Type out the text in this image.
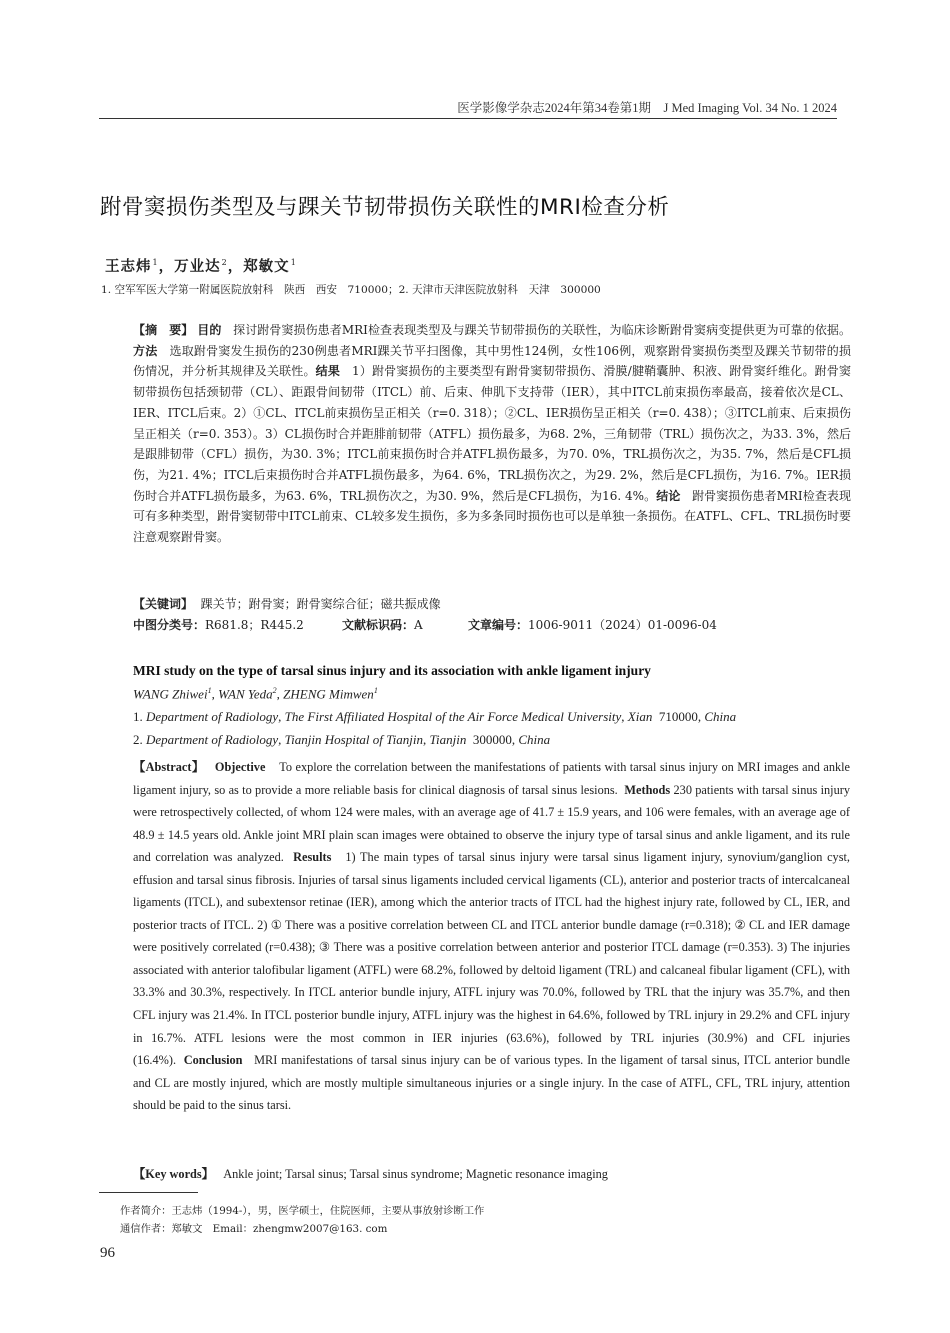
医学影像学杂志2024年第34卷第1期　J Med Imaging Vol. 34 No. 1 2024
跗骨窦损伤类型及与踝关节韧带损伤关联性的MRI检查分析
王志炜$^1$，万业达$^2$，郑敏文$^1$
1. 空军军医大学第一附属医院放射科　陕西　西安　710000；2. 天津市天津医院放射科　天津　300000
【摘　要】 目的 探讨跗骨窦损伤患者MRI检查表现类型及与踝关节韧带损伤的关联性，为临床诊断跗骨窦病变提供更为可靠的依据。方法 选取跗骨窦发生损伤的230例患者MRI踝关节平扫图像，其中男性124例，女性106例，观察跗骨窦损伤类型及踝关节韧带的损伤情况，并分析其规律及关联性。结果 1）跗骨窦损伤的主要类型有跗骨窦韧带损伤、滑膜/腱鞘囊肿、积液、跗骨窦纤维化。跗骨窦韧带损伤包括颈韧带（CL）、距跟骨间韧带（ITCL）前、后束、伸肌下支持带（IER），其中ITCL前束损伤率最高，接着依次是CL、IER、ITCL后束。2）①CL、ITCL前束损伤呈正相关（r=0. 318）；②CL、IER损伤呈正相关（r=0. 438）；③ITCL前束、后束损伤呈正相关（r=0. 353）。3）CL损伤时合并距腓前韧带（ATFL）损伤最多，为68. 2%，三角韧带（TRL）损伤次之，为33. 3%，然后是跟腓韧带（CFL）损伤，为30. 3%；ITCL前束损伤时合并ATFL损伤最多，为70. 0%，TRL损伤次之，为35. 7%，然后是CFL损伤，为21. 4%；ITCL后束损伤时合并ATFL损伤最多，为64. 6%，TRL损伤次之，为29. 2%，然后是CFL损伤，为16. 7%。IER损伤时合并ATFL损伤最多，为63. 6%，TRL损伤次之，为30. 9%，然后是CFL损伤，为16. 4%。结论 跗骨窦损伤患者MRI检查表现可有多种类型，跗骨窦韧带中ITCL前束、CL较多发生损伤，多为多条同时损伤也可以是单独一条损伤。在ATFL、CFL、TRL损伤时要注意观察跗骨窦。
【关键词】 踝关节；跗骨窦；跗骨窦综合征；磁共振成像
中图分类号：R681.8；R445.2	文献标识码：A	文章编号：1006-9011（2024）01-0096-04
MRI study on the type of tarsal sinus injury and its association with ankle ligament injury
WANG Zhiwei$^1$, WAN Yeda$^2$, ZHENG Mimwen$^1$
1. Department of Radiology, The First Affiliated Hospital of the Air Force Medical University, Xian 710000, China
2. Department of Radiology, Tianjin Hospital of Tianjin, Tianjin 300000, China
【Abstract】 Objective To explore the correlation between the manifestations of patients with tarsal sinus injury on MRI images and ankle ligament injury, so as to provide a more reliable basis for clinical diagnosis of tarsal sinus lesions. Methods 230 patients with tarsal sinus injury were retrospectively collected, of whom 124 were males, with an average age of 41.7 ± 15.9 years, and 106 were females, with an average age of 48.9 ± 14.5 years old. Ankle joint MRI plain scan images were obtained to observe the injury type of tarsal sinus and ankle ligament, and its rule and correlation was analyzed. Results 1) The main types of tarsal sinus injury were tarsal sinus ligament injury, synovium/ganglion cyst, effusion and tarsal sinus fibrosis. Injuries of tarsal sinus ligaments included cervical ligaments (CL), anterior and posterior tracts of intercalcaneal ligaments (ITCL), and subextensor retinae (IER), among which the anterior tracts of ITCL had the highest injury rate, followed by CL, IER, and posterior tracts of ITCL. 2) ① There was a positive correlation between CL and ITCL anterior bundle damage (r=0.318); ② CL and IER damage were positively correlated (r=0.438); ③ There was a positive correlation between anterior and posterior ITCL damage (r=0.353). 3) The injuries associated with anterior talofibular ligament (ATFL) were 68.2%, followed by deltoid ligament (TRL) and calcaneal fibular ligament (CFL), with 33.3% and 30.3%, respectively. In ITCL anterior bundle injury, ATFL injury was 70.0%, followed by TRL that the injury was 35.7%, and then CFL injury was 21.4%. In ITCL posterior bundle injury, ATFL injury was the highest in 64.6%, followed by TRL injury in 29.2% and CFL injury in 16.7%. ATFL lesions were the most common in IER injuries (63.6%), followed by TRL injuries (30.9%) and CFL injuries (16.4%). Conclusion MRI manifestations of tarsal sinus injury can be of various types. In the ligament of tarsal sinus, ITCL anterior bundle and CL are mostly injured, which are mostly multiple simultaneous injuries or a single injury. In the case of ATFL, CFL, TRL injury, attention should be paid to the sinus tarsi.
【Key words】 Ankle joint; Tarsal sinus; Tarsal sinus syndrome; Magnetic resonance imaging
作者简介：王志炜（1994-），男，医学硕士，住院医师，主要从事放射诊断工作
通信作者：郑敏文　Email：zhengmw2007@163. com
96
